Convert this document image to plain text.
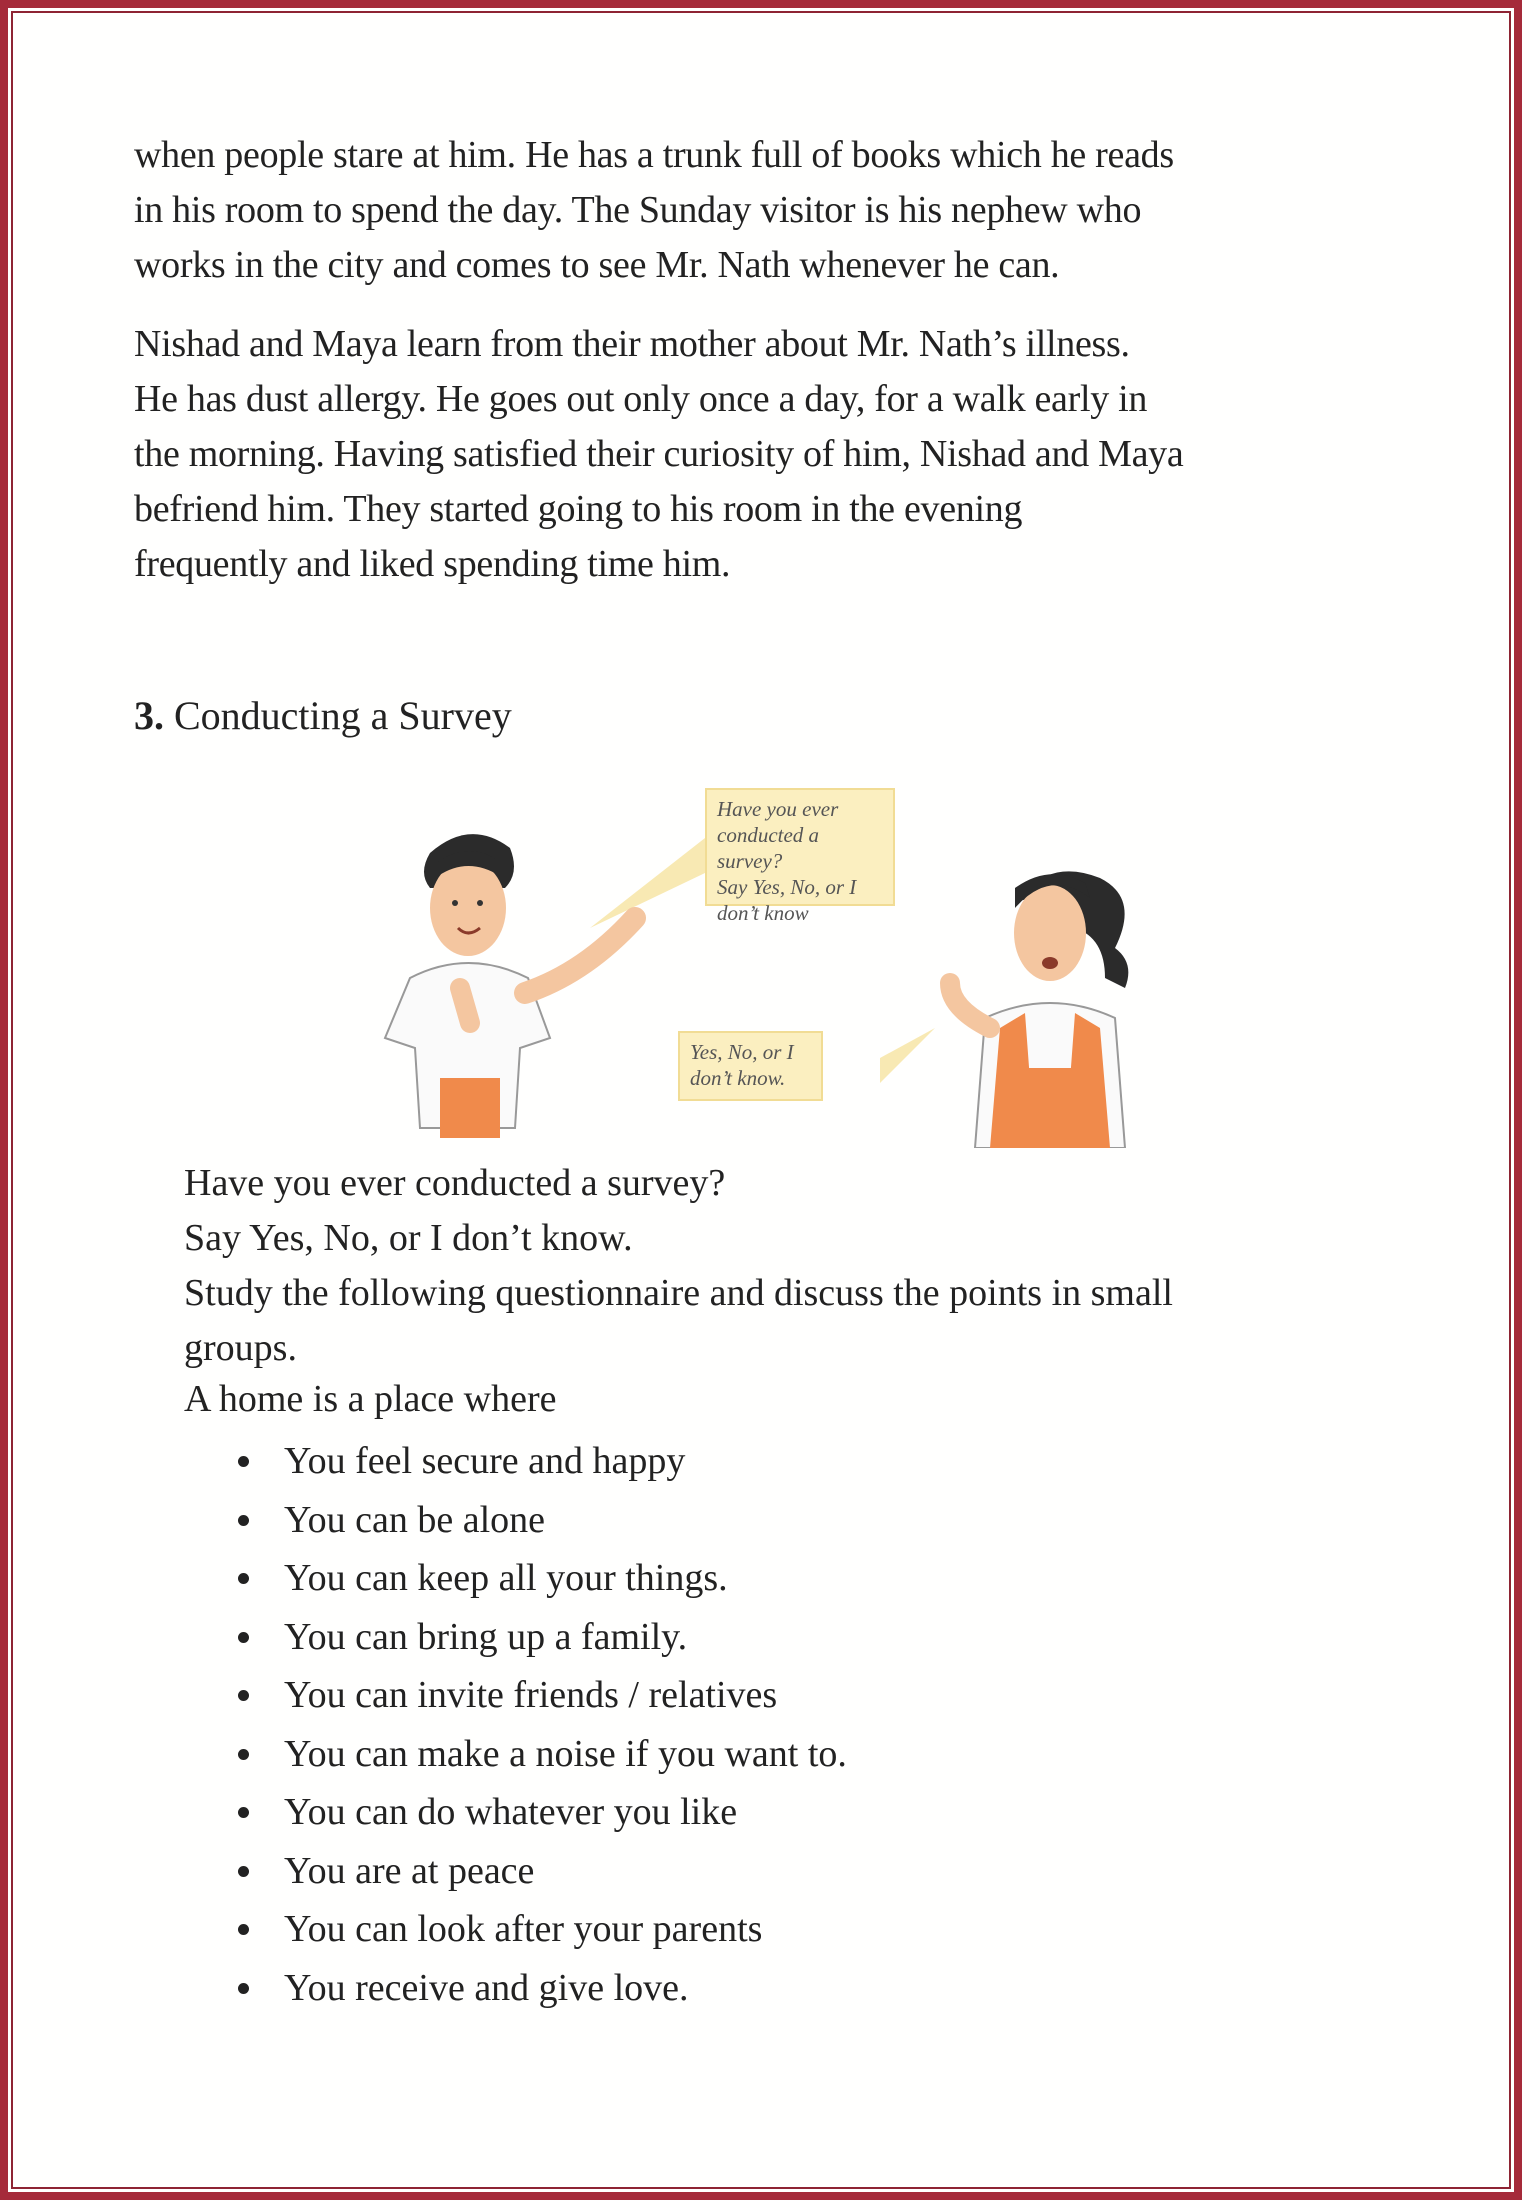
when people stare at him. He has a trunk full of books which he reads
in his room to spend the day. The Sunday visitor is his nephew who
works in the city and comes to see Mr. Nath whenever he can.
Nishad and Maya learn from their mother about Mr. Nath’s illness.
He has dust allergy. He goes out only once a day, for a walk early in
the morning. Having satisfied their curiosity of him, Nishad and Maya
befriend him. They started going to his room in the evening
frequently and liked spending time him.
3. Conducting a Survey
Have you ever
conducted a survey?
Say Yes, No, or I
don’t know
Yes, No, or I
don’t know.
Have you ever conducted a survey?
Say Yes, No, or I don’t know.
Study the following questionnaire and discuss the points in small
groups.
A home is a place where
You feel secure and happy
You can be alone
You can keep all your things.
You can bring up a family.
You can invite friends / relatives
You can make a noise if you want to.
You can do whatever you like
You are at peace
You can look after your parents
You receive and give love.
